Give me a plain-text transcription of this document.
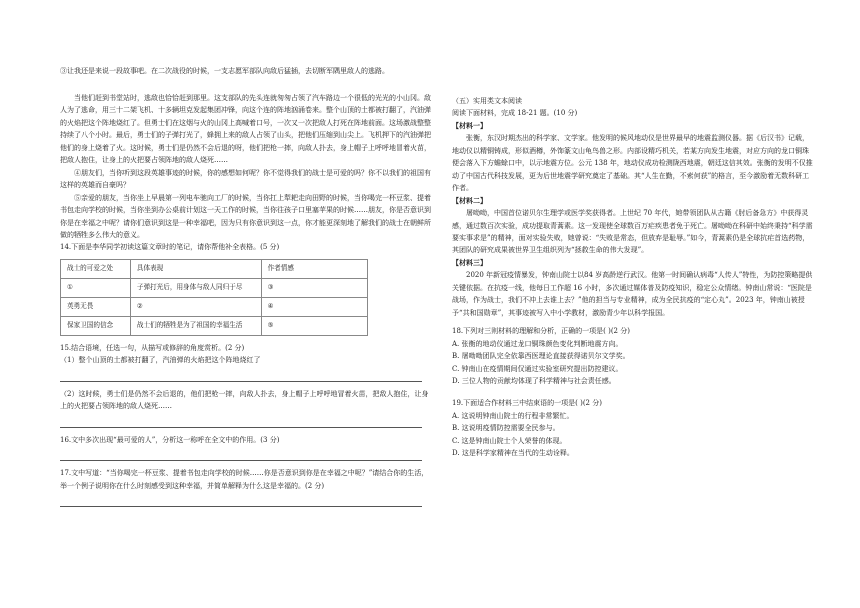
③让我还是来说一段故事吧。在二次战役的时候，一支志愿军部队向敌后猛插，去切断军隅里敌人的逃路。

当他们赶到书堂站时，逃敌也恰恰赶到那里。这支部队的先头连就匆匆占领了汽车路边一个很低的光光的小山冈。敌人为了逃命，用三十二架飞机、十多辆坦克发起集团冲锋，向这个连的阵地汹涌卷来。整个山顶的土都被打翻了，汽油弹的火焰把这个阵地烧红了。但勇士们在这烟与火的山冈上高喊着口号，一次又一次把敌人打死在阵地前面。这场激战整整持续了八个小时。最后，勇士们的子弹打光了，蜂拥上来的敌人占领了山头，把他们压缩到山尖上。飞机押下的汽油弹把他们的身上烧着了火。这时候，勇士们是仍然不会后退的呀，他们把枪一摔，向敌人扑去，身上帽子上呼呼地冒着火苗，把敌人抱住，让身上的火把要占领阵地的敌人烧死……

④朋友们，当你听到这段英雄事迹的时候，你的感想如何呢？你不觉得我们的战士是可爱的吗？你不以我们的祖国有这样的英雄而自豪吗？

⑤亲爱的朋友，当你坐上早晨第一列电车驰向工厂的时候，当你扛上犁耙走向田野的时候，当你喝完一杯豆浆、提着书包走向学校的时候，当你坐到办公桌前计划这一天工作的时候，当你往孩子口里塞苹果的时候……朋友，你是否意识到你是在幸福之中呢？请你们意识到这是一种幸福吧，因为只有你意识到这一点，你才能更深刻地了解我们的战士在朝鲜所做的牺牲多么伟大的意义。

14.下面是李华同学初读这篇文章时的笔记，请你帮他补全表格。(5 分)

战士的可爱之处	具体表现	作者情感
①	子弹打光后，用身体与敌人同归于尽	③
英勇无畏	②	④
保家卫国的信念	战士们的牺牲是为了祖国的幸福生活	⑤

15.结合语境，任选一句，从描写或修辞的角度赏析。(2 分)

（1）整个山顶的土都被打翻了，汽油弹的火焰把这个阵地烧红了

（2）这时候，勇士们是仍然不会后退的，他们把枪一摔，向敌人扑去，身上帽子上呼呼地冒着火苗，把敌人抱住，让身上的火把要占领阵地的敌人烧死……

16.文中多次出现“最可爱的人”，分析这一称呼在全文中的作用。(3 分)

17.文中写道：“当你喝完一杯豆浆、提着书包走向学校的时候……你是否意识到你是在幸福之中呢？”请结合你的生活，举一个例子说明你在什么时刻感受到这种幸福，并简单解释为什么这是幸福的。(2 分)

（五）实用类文本阅读

阅读下面材料，完成 18-21 题。(10 分)

【材料一】

张衡，东汉时期杰出的科学家、文学家。他发明的候风地动仪是世界最早的地震监测仪器。据《后汉书》记载，地动仪以精铜铸成，形似酒樽，外饰篆文山龟鸟兽之形。内部设精巧机关，若某方向发生地震，对应方向的龙口铜珠便会落入下方蟾蜍口中，以示地震方位。公元 138 年，地动仪成功检测陇西地震，朝廷这信其效。张衡的发明不仅推动了中国古代科技发展，更为后世地震学研究奠定了基础。其“人生在勤，不索何获”的格言，至今激励着无数科研工作者。

【材料二】

屠呦呦，中国首位诺贝尔生理学或医学奖获得者。上世纪 70 年代，她带领团队从古籍《肘后备急方》中获得灵感，通过数百次实验，成功提取青蒿素。这一发现使全球数百万疟疾患者免于死亡。屠呦呦在科研中始终秉持“科学需要实事求是”的精神，面对实验失败，她曾说：“失败是常态，但放弃是耻辱。”如今，青蒿素仍是全球抗疟首选药物，其团队的研究成果被世界卫生组织列为“拯救生命的伟大发现”。

【材料三】

2020 年新冠疫情暴发，钟南山院士以84 岁高龄逆行武汉。他第一时间确认病毒“人传人”特性，为防控策略提供关键依据。在抗疫一线，他每日工作超 16 小时，多次通过媒体普及防疫知识，稳定公众情绪。钟南山常说：“医院是战场，作为战士，我们不冲上去谁上去？”他的担当与专业精神，成为全民抗疫的“定心丸”。2023 年，钟南山被授予“共和国勋章”，其事迹被写入中小学教材，激励青少年以科学报国。

18.下列对三则材料的理解和分析，正确的一项是( )(2 分)

A. 张衡的地动仪通过龙口铜珠颜色变化判断地震方向。

B. 屠呦呦团队完全依靠西医理论直接获得诺贝尔文学奖。

C. 钟南山在疫情期间仅通过实验室研究提出防控建议。

D. 三位人物的贡献均体现了科学精神与社会责任感。

19.下面适合作材料三中结束语的一项是( )(2 分)

A. 这说明钟南山院士的行程非常繁忙。

B. 这说明疫情防控需要全民参与。

C. 这是钟南山院士个人荣誉的体现。

D. 这是科学家精神在当代的生动诠释。
